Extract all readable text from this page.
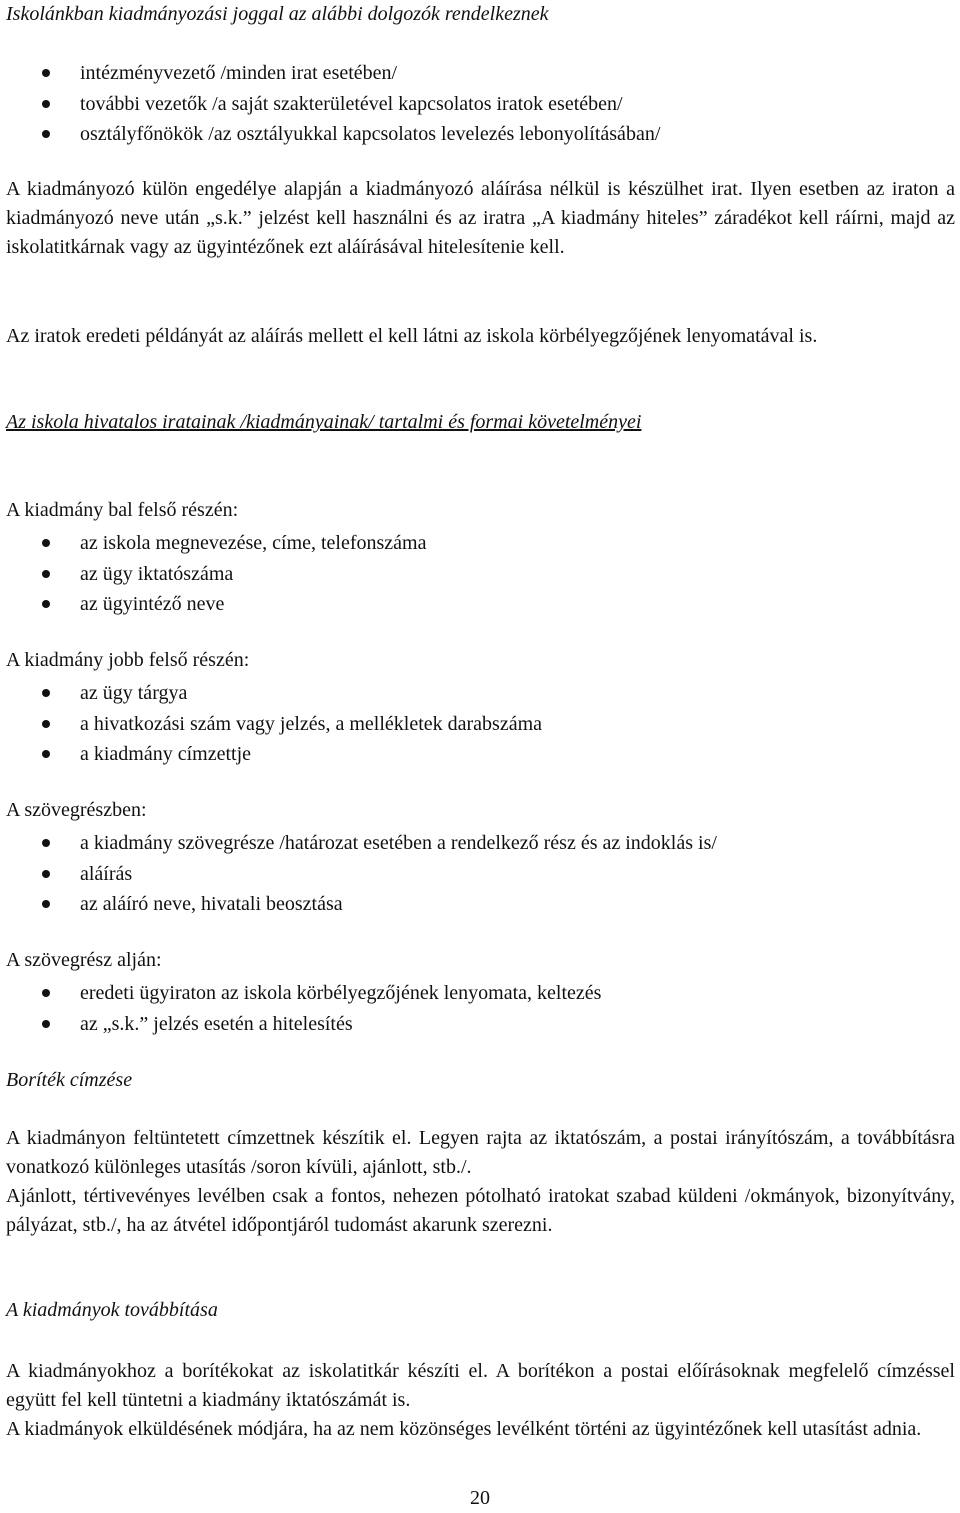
Iskolánkban kiadmányozási joggal az alábbi dolgozók rendelkeznek

intézményvezető /minden irat esetében/
további vezetők /a saját szakterületével kapcsolatos iratok esetében/
osztályfőnökök /az osztályukkal kapcsolatos levelezés lebonyolításában/

A kiadmányozó külön engedélye alapján a kiadmányozó aláírása nélkül is készülhet irat. Ilyen esetben az iraton a kiadmányozó neve után „s.k.” jelzést kell használni és az iratra „A kiadmány hiteles” záradékot kell ráírni, majd az iskolatitkárnak vagy az ügyintézőnek ezt aláírásával hitelesítenie kell.

Az iratok eredeti példányát az aláírás mellett el kell látni az iskola körbélyegzőjének lenyomatával is.

Az iskola hivatalos iratainak /kiadmányainak/ tartalmi és formai követelményei

A kiadmány bal felső részén:

az iskola megnevezése, címe, telefonszáma
az ügy iktatószáma
az ügyintéző neve

A kiadmány jobb felső részén:

az ügy tárgya
a hivatkozási szám vagy jelzés, a mellékletek darabszáma
a kiadmány címzettje

A szövegrészben:

a kiadmány szövegrésze /határozat esetében a rendelkező rész és az indoklás is/
aláírás
az aláíró neve, hivatali beosztása

A szövegrész alján:

eredeti ügyiraton az iskola körbélyegzőjének lenyomata, keltezés
az „s.k.” jelzés esetén a hitelesítés

Boríték címzése

A kiadmányon feltüntetett címzettnek készítik el. Legyen rajta az iktatószám, a postai irányítószám, a továbbításra vonatkozó különleges utasítás /soron kívüli, ajánlott, stb./.

Ajánlott, tértivevényes levélben csak a fontos, nehezen pótolható iratokat szabad küldeni /okmányok, bizonyítvány, pályázat, stb./, ha az átvétel időpontjáról tudomást akarunk szerezni.

A kiadmányok továbbítása

A kiadmányokhoz a borítékokat az iskolatitkár készíti el. A borítékon a postai előírásoknak megfelelő címzéssel együtt fel kell tüntetni a kiadmány iktatószámát is.

A kiadmányok elküldésének módjára, ha az nem közönséges levélként történi az ügyintézőnek kell utasítást adnia.

20
